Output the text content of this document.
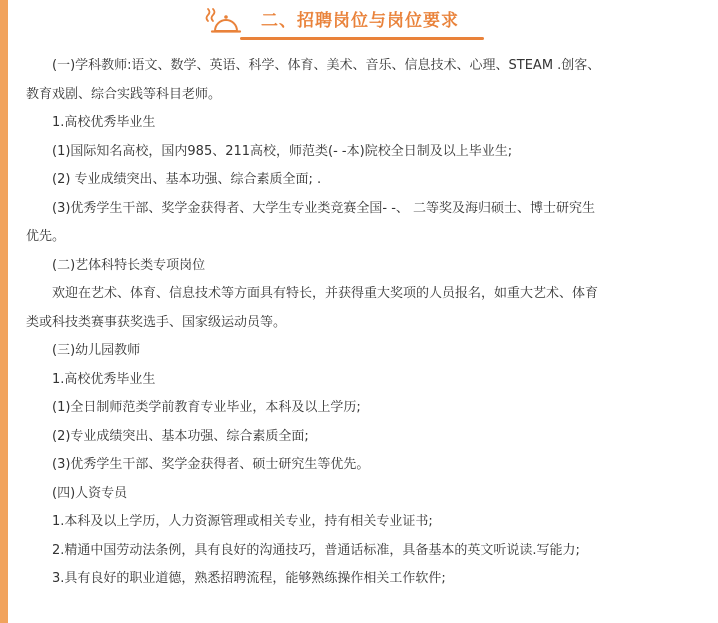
二、招聘岗位与岗位要求

(一)学科教师:语文、数学、英语、科学、体育、美术、音乐、信息技术、心理、STEAM .创客、

教育戏剧、综合实践等科目老师。

1.高校优秀毕业生

(1)国际知名高校，国内985、211高校，师范类(- -本)院校全日制及以上毕业生;

(2) 专业成绩突出、基本功强、综合素质全面; .

(3)优秀学生干部、奖学金获得者、大学生专业类竞赛全国- -、 二等奖及海归硕士、博士研究生

优先。

(二)艺体科特长类专项岗位

欢迎在艺术、体育、信息技术等方面具有特长，并获得重大奖项的人员报名，如重大艺术、体育

类或科技类赛事获奖选手、国家级运动员等。

(三)幼儿园教师

1.高校优秀毕业生

(1)全日制师范类学前教育专业毕业，本科及以上学历;

(2)专业成绩突出、基本功强、综合素质全面;

(3)优秀学生干部、奖学金获得者、硕士研究生等优先。

(四)人资专员

1.本科及以上学历，人力资源管理或相关专业，持有相关专业证书;

2.精通中国劳动法条例，具有良好的沟通技巧，普通话标准，具备基本的英文听说读.写能力;

3.具有良好的职业道德，熟悉招聘流程，能够熟练操作相关工作软件;
